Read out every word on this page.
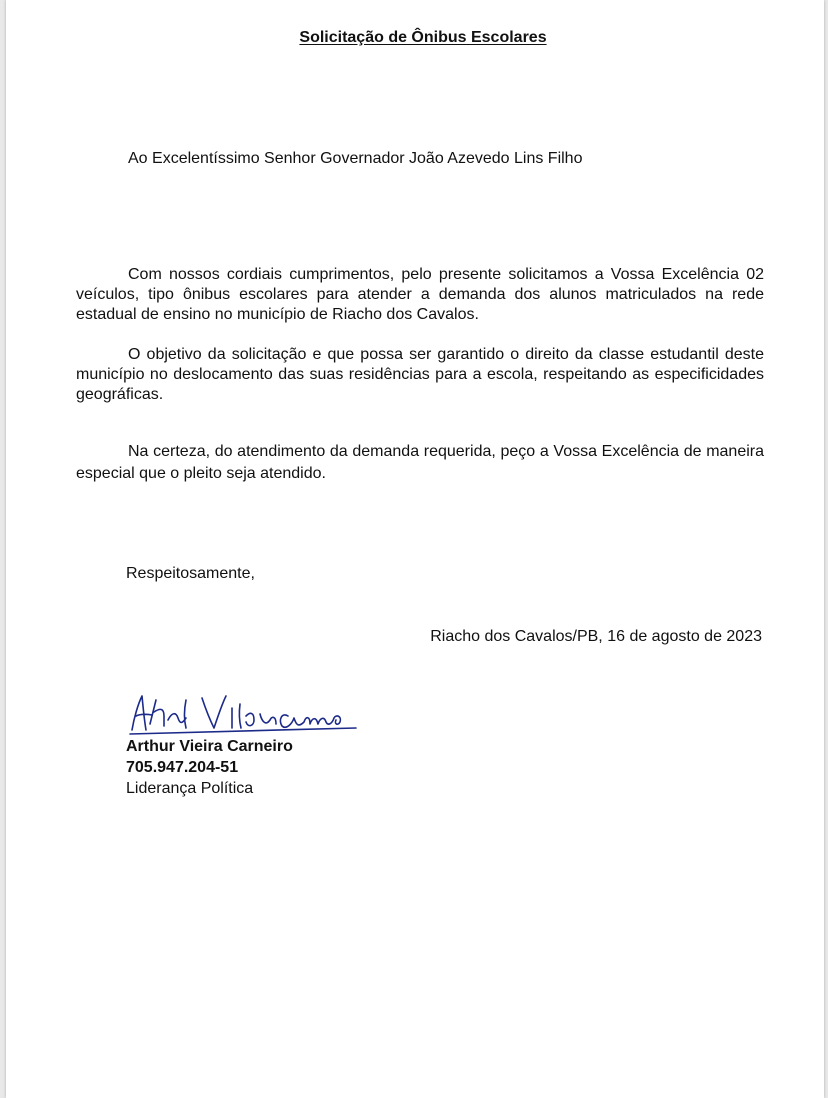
Solicitação de Ônibus Escolares
Ao Excelentíssimo Senhor Governador João Azevedo Lins Filho

Com nossos cordiais cumprimentos, pelo presente solicitamos a Vossa Excelência 02 veículos, tipo ônibus escolares para atender a demanda dos alunos matriculados na rede estadual de ensino no município de Riacho dos Cavalos.

O objetivo da solicitação e que possa ser garantido o direito da classe estudantil deste município no deslocamento das suas residências para a escola, respeitando as especificidades geográficas.

Na certeza, do atendimento da demanda requerida, peço a Vossa Excelência de maneira especial que o pleito seja atendido.

Respeitosamente,
Riacho dos Cavalos/PB, 16 de agosto de 2023
Arthur Vieira Carneiro
705.947.204-51
Liderança Política
